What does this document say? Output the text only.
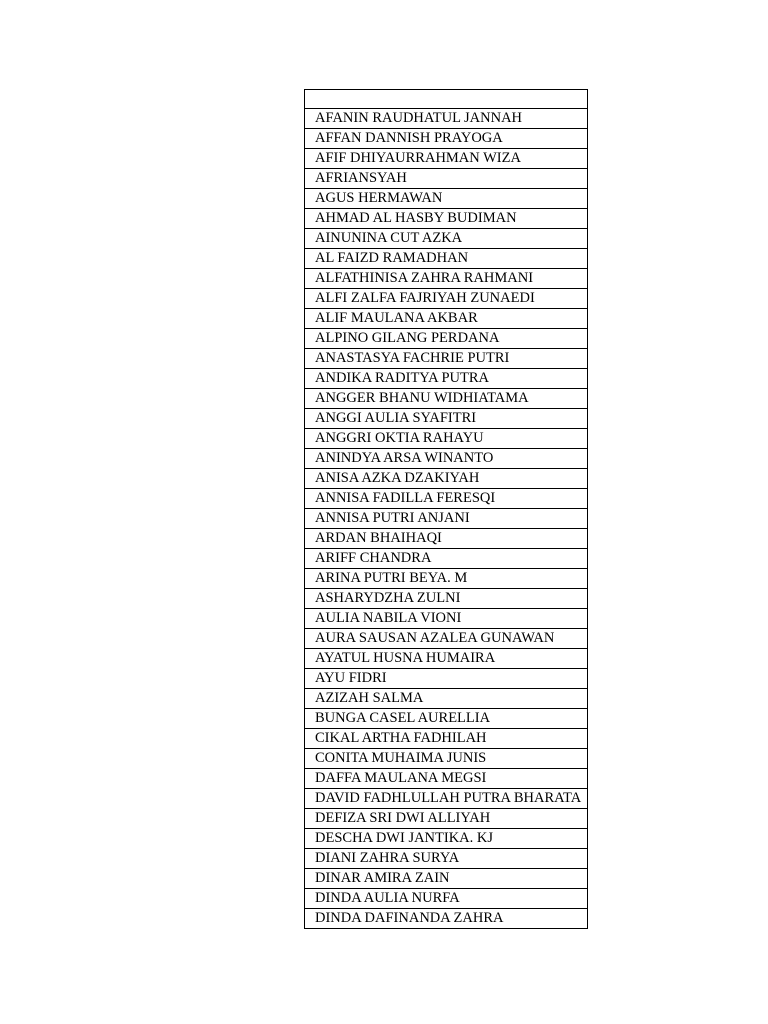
AFANIN RAUDHATUL JANNAH
AFFAN DANNISH PRAYOGA
AFIF DHIYAURRAHMAN WIZA
AFRIANSYAH
AGUS HERMAWAN
AHMAD AL HASBY BUDIMAN
AINUNINA CUT AZKA
AL FAIZD RAMADHAN
ALFATHINISA ZAHRA RAHMANI
ALFI ZALFA FAJRIYAH ZUNAEDI
ALIF MAULANA AKBAR
ALPINO GILANG PERDANA
ANASTASYA FACHRIE PUTRI
ANDIKA RADITYA PUTRA
ANGGER BHANU WIDHIATAMA
ANGGI AULIA SYAFITRI
ANGGRI OKTIA RAHAYU
ANINDYA ARSA WINANTO
ANISA AZKA DZAKIYAH
ANNISA FADILLA FERESQI
ANNISA PUTRI ANJANI
ARDAN BHAIHAQI
ARIFF CHANDRA
ARINA PUTRI BEYA. M
ASHARYDZHA ZULNI
AULIA NABILA VIONI
AURA SAUSAN AZALEA GUNAWAN
AYATUL HUSNA HUMAIRA
AYU FIDRI
AZIZAH SALMA
BUNGA CASEL AURELLIA
CIKAL ARTHA FADHILAH
CONITA MUHAIMA JUNIS
DAFFA MAULANA MEGSI
DAVID FADHLULLAH PUTRA BHARATA
DEFIZA SRI DWI ALLIYAH
DESCHA DWI JANTIKA. KJ
DIANI ZAHRA SURYA
DINAR AMIRA ZAIN
DINDA AULIA NURFA
DINDA DAFINANDA ZAHRA
